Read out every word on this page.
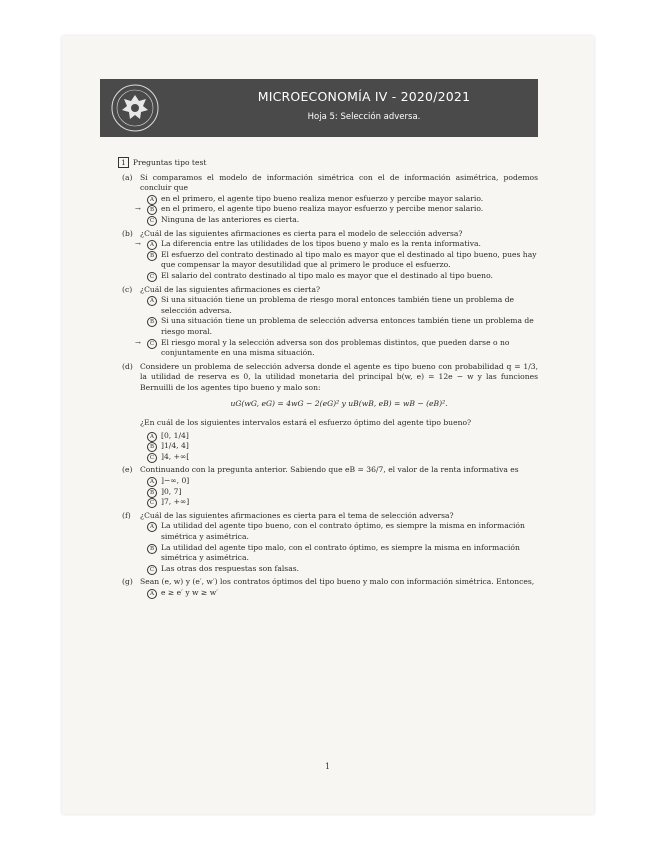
MICROECONOMÍA IV - 2020/2021
Hoja 5: Selección adversa.
1 Preguntas tipo test
(a) Si comparamos el modelo de información simétrica con el de información asimétrica, podemos concluir que
A en el primero, el agente tipo bueno realiza menor esfuerzo y percibe mayor salario.
→	B en el primero, el agente tipo bueno realiza mayor esfuerzo y percibe menor salario.
C Ninguna de las anteriores es cierta.
(b) ¿Cuál de las siguientes afirmaciones es cierta para el modelo de selección adversa?
→	A La diferencia entre las utilidades de los tipos bueno y malo es la renta informativa.
B El esfuerzo del contrato destinado al tipo malo es mayor que el destinado al tipo bueno, pues hay que compensar la mayor desutilidad que al primero le produce el esfuerzo.
C El salario del contrato destinado al tipo malo es mayor que el destinado al tipo bueno.
(c) ¿Cuál de las siguientes afirmaciones es cierta?
A Si una situación tiene un problema de riesgo moral entonces también tiene un problema de selección adversa.
B Si una situación tiene un problema de selección adversa entonces también tiene un problema de riesgo moral.
→	C El riesgo moral y la selección adversa son dos problemas distintos, que pueden darse o no conjuntamente en una misma situación.
(d) Considere un problema de selección adversa donde el agente es tipo bueno con probabilidad q = 1/3, la utilidad de reserva es 0, la utilidad monetaria del principal b(w, e) = 12e − w y las funciones Bernuilli de los agentes tipo bueno y malo son:
uG(wG, eG) = 4wG − 2(eG)² y uB(wB, eB) = wB − (eB)².
¿En cuál de los siguientes intervalos estará el esfuerzo óptimo del agente tipo bueno?
A [0, 1/4]
B ]1/4, 4]
C ]4, +∞[
(e) Continuando con la pregunta anterior. Sabiendo que eB = 36/7, el valor de la renta informativa es
A ]−∞, 0]
B ]0, 7]
C ]7, +∞]
(f) ¿Cuál de las siguientes afirmaciones es cierta para el tema de selección adversa?
A La utilidad del agente tipo bueno, con el contrato óptimo, es siempre la misma en información simétrica y asimétrica.
B La utilidad del agente tipo malo, con el contrato óptimo, es siempre la misma en información simétrica y asimétrica.
C Las otras dos respuestas son falsas.
(g) Sean (e, w) y (e′, w′) los contratos óptimos del tipo bueno y malo con información simétrica. Entonces,
A e ≥ e′ y w ≥ w′
1
